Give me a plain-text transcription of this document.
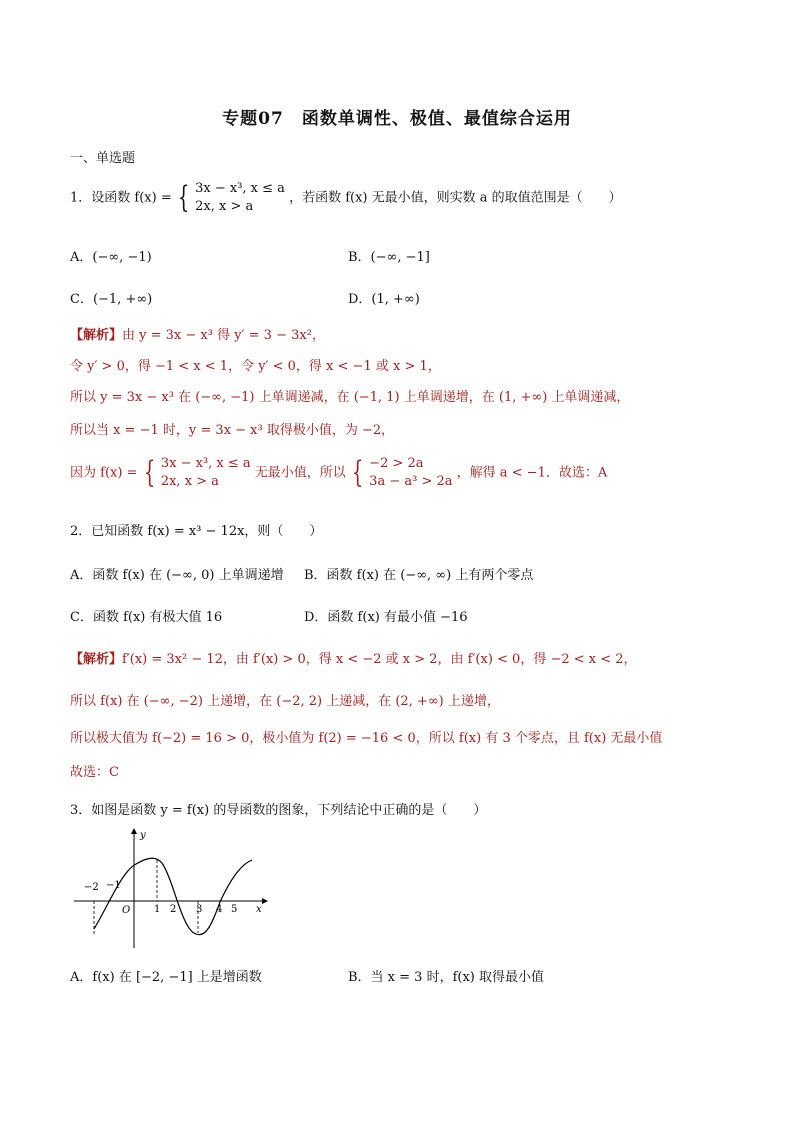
专题07　函数单调性、极值、最值综合运用
一、单选题
1．设函数 f(x) = { 3x − x³, x ≤ a
2x, x > a
，若函数 f(x) 无最小值，则实数 a 的取值范围是（　　）
A．(−∞, −1)	B．(−∞, −1]
C．(−1, +∞)	D．(1, +∞)
【解析】由 y = 3x − x³ 得 y′ = 3 − 3x²，
令 y′ > 0，得 −1 < x < 1，令 y′ < 0，得 x < −1 或 x > 1，
所以 y = 3x − x³ 在 (−∞, −1) 上单调递减，在 (−1, 1) 上单调递增，在 (1, +∞) 上单调递减，
所以当 x = −1 时，y = 3x − x³ 取得极小值，为 −2，
因为 f(x) = { 3x − x³, x ≤ a
2x, x > a
无最小值，所以 { −2 > 2a
3a − a³ > 2a
，解得 a < −1．故选：A
2．已知函数 f(x) = x³ − 12x，则（　　）
A．函数 f(x) 在 (−∞, 0) 上单调递增 B．函数 f(x) 在 (−∞, ∞) 上有两个零点
C．函数 f(x) 有极大值 16	D．函数 f(x) 有最小值 −16
【解析】f′(x) = 3x² − 12，由 f′(x) > 0，得 x < −2 或 x > 2，由 f′(x) < 0，得 −2 < x < 2，
所以 f(x) 在 (−∞, −2) 上递增，在 (−2, 2) 上递减，在 (2, +∞) 上递增，
所以极大值为 f(−2) = 16 > 0，极小值为 f(2) = −16 < 0，所以 f(x) 有 3 个零点，且 f(x) 无最小值
故选：C
3．如图是函数 y = f(x) 的导函数的图象，下列结论中正确的是（　　）
y
x
O
−2 −1
1 2 3 4 5
A．f(x) 在 [−2, −1] 上是增函数	B．当 x = 3 时，f(x) 取得最小值
